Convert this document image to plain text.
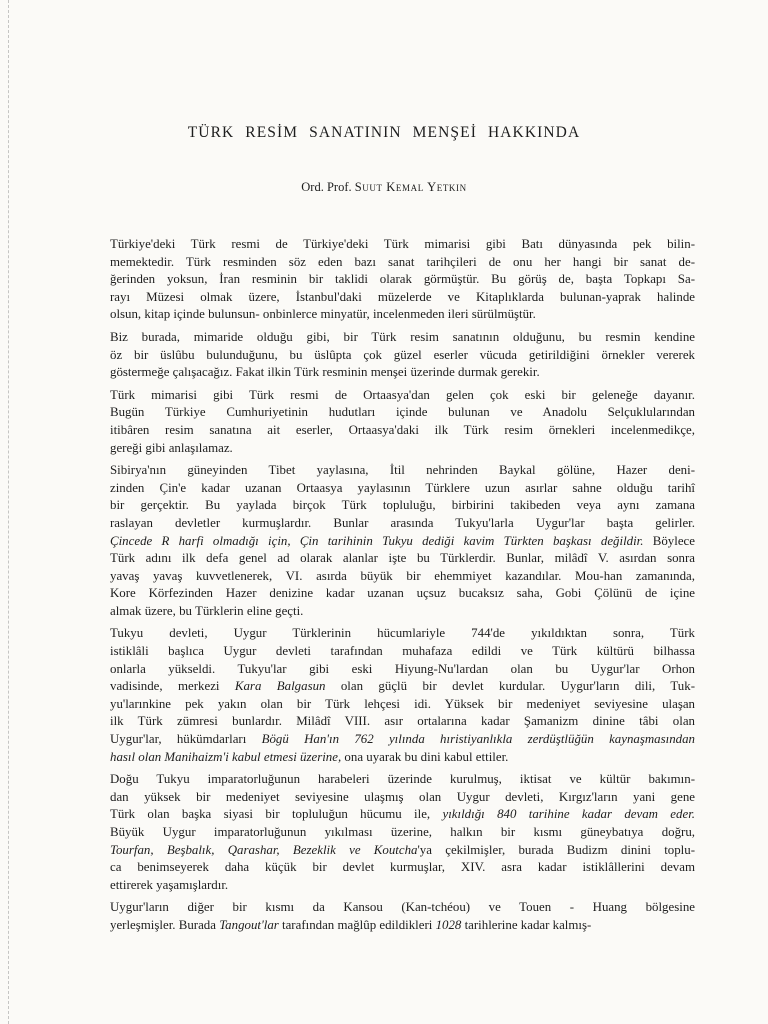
TÜRK RESİM SANATININ MENŞEİ HAKKINDA
Ord. Prof. Suut Kemal Yetkin

Türkiye'deki Türk resmi de Türkiye'deki Türk mimarisi gibi Batı dünyasında pek bilin-
memektedir. Türk resminden söz eden bazı sanat tarihçileri de onu her hangi bir sanat de-
ğerinden yoksun, İran resminin bir taklidi olarak görmüştür. Bu görüş de, başta Topkapı Sa-
rayı Müzesi olmak üzere, İstanbul'daki müzelerde ve Kitaplıklarda bulunan-yaprak halinde
olsun, kitap içinde bulunsun- onbinlerce minyatür, incelenmeden ileri sürülmüştür.

Biz burada, mimaride olduğu gibi, bir Türk resim sanatının olduğunu, bu resmin kendine
öz bir üslûbu bulunduğunu, bu üslûpta çok güzel eserler vücuda getirildiğini örnekler vererek
göstermeğe çalışacağız. Fakat ilkin Türk resminin menşei üzerinde durmak gerekir.

Türk mimarisi gibi Türk resmi de Ortaasya'dan gelen çok eski bir geleneğe dayanır.
Bugün Türkiye Cumhuriyetinin hudutları içinde bulunan ve Anadolu Selçuklularından
itibâren resim sanatına ait eserler, Ortaasya'daki ilk Türk resim örnekleri incelenmedikçe,
gereği gibi anlaşılamaz.

Sibirya'nın güneyinden Tibet yaylasına, İtil nehrinden Baykal gölüne, Hazer deni-
zinden Çin'e kadar uzanan Ortaasya yaylasının Türklere uzun asırlar sahne olduğu tarihî
bir gerçektir. Bu yaylada birçok Türk topluluğu, birbirini takibeden veya aynı zamana
raslayan devletler kurmuşlardır. Bunlar arasında Tukyu'larla Uygur'lar başta gelirler.
Çincede R harfi olmadığı için, Çin tarihinin Tukyu dediği kavim Türkten başkası değildir. Böylece
Türk adını ilk defa genel ad olarak alanlar işte bu Türklerdir. Bunlar, milâdî V. asırdan sonra
yavaş yavaş kuvvetlenerek, VI. asırda büyük bir ehemmiyet kazandılar. Mou-han zamanında,
Kore Körfezinden Hazer denizine kadar uzanan uçsuz bucaksız saha, Gobi Çölünü de içine
almak üzere, bu Türklerin eline geçti.

Tukyu devleti, Uygur Türklerinin hücumlariyle 744'de yıkıldıktan sonra, Türk
istiklâli başlıca Uygur devleti tarafından muhafaza edildi ve Türk kültürü bilhassa
onlarla yükseldi. Tukyu'lar gibi eski Hiyung-Nu'lardan olan bu Uygur'lar Orhon
vadisinde, merkezi Kara Balgasun olan güçlü bir devlet kurdular. Uygur'ların dili, Tuk-
yu'larınkine pek yakın olan bir Türk lehçesi idi. Yüksek bir medeniyet seviyesine ulaşan
ilk Türk zümresi bunlardır. Milâdî VIII. asır ortalarına kadar Şamanizm dinine tâbi olan
Uygur'lar, hükümdarları Bögü Han'ın 762 yılında hıristiyanlıkla zerdüştlüğün kaynaşmasından
hasıl olan Manihaizm'i kabul etmesi üzerine, ona uyarak bu dini kabul ettiler.

Doğu Tukyu imparatorluğunun harabeleri üzerinde kurulmuş, iktisat ve kültür bakımın-
dan yüksek bir medeniyet seviyesine ulaşmış olan Uygur devleti, Kırgız'ların yani gene
Türk olan başka siyasi bir topluluğun hücumu ile, yıkıldığı 840 tarihine kadar devam eder.
Büyük Uygur imparatorluğunun yıkılması üzerine, halkın bir kısmı güneybatıya doğru,
Tourfan, Beşbalık, Qarashar, Bezeklik ve Koutcha'ya çekilmişler, burada Budizm dinini toplu-
ca benimseyerek daha küçük bir devlet kurmuşlar, XIV. asra kadar istiklâllerini devam
ettirerek yaşamışlardır.

Uygur'ların diğer bir kısmı da Kansou (Kan-tchéou) ve Touen - Huang bölgesine
yerleşmişler. Burada Tangout'lar tarafından mağlûp edildikleri 1028 tarihlerine kadar kalmış-
